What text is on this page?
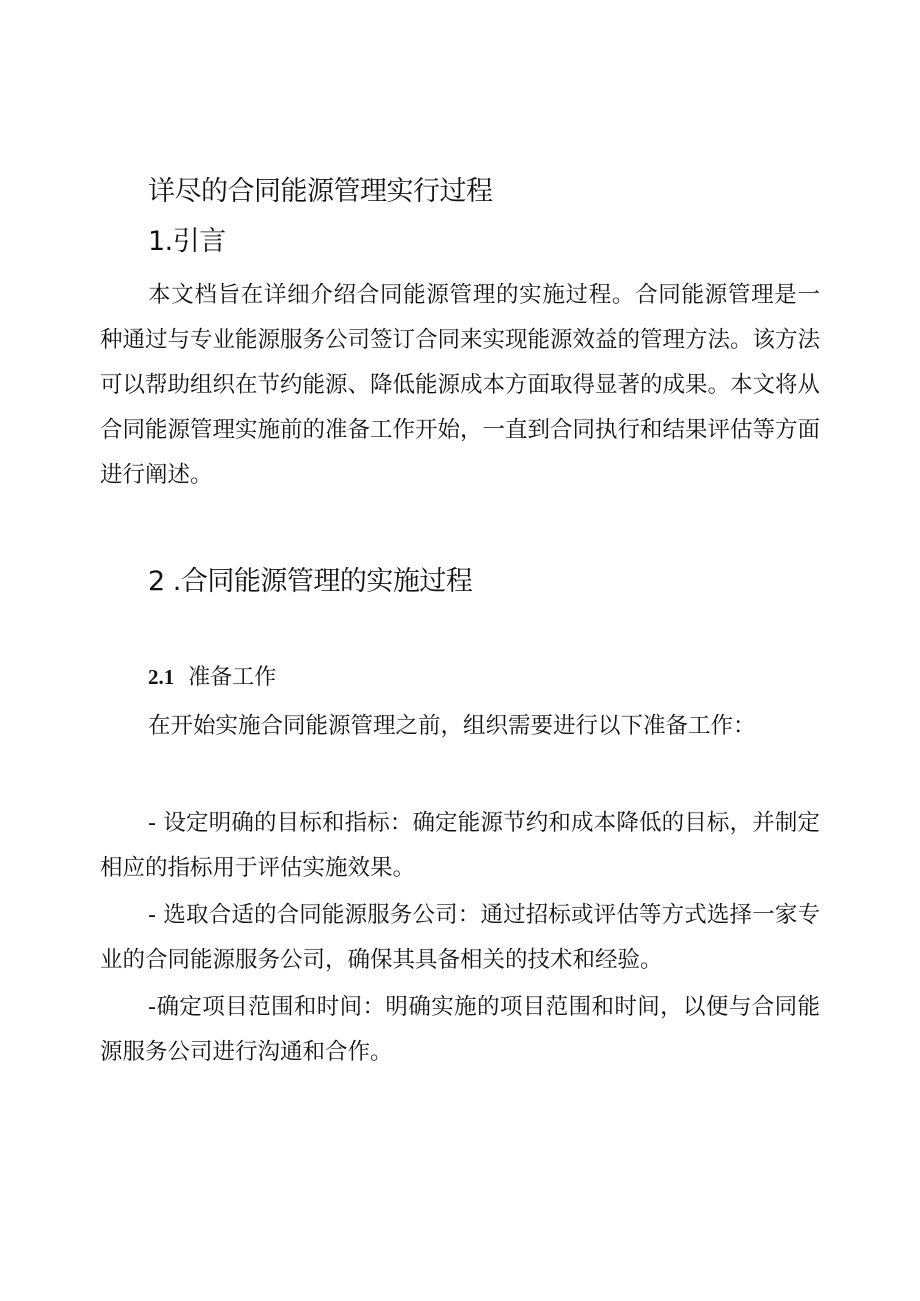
详尽的合同能源管理实行过程
1.引言

本文档旨在详细介绍合同能源管理的实施过程。合同能源管理是一种通过与专业能源服务公司签订合同来实现能源效益的管理方法。该方法可以帮助组织在节约能源、降低能源成本方面取得显著的成果。本文将从合同能源管理实施前的准备工作开始，一直到合同执行和结果评估等方面进行阐述。

2 .合同能源管理的实施过程
2.1 准备工作

在开始实施合同能源管理之前，组织需要进行以下准备工作：

- 设定明确的目标和指标：确定能源节约和成本降低的目标，并制定相应的指标用于评估实施效果。

- 选取合适的合同能源服务公司：通过招标或评估等方式选择一家专业的合同能源服务公司，确保其具备相关的技术和经验。

-确定项目范围和时间：明确实施的项目范围和时间，以便与合同能源服务公司进行沟通和合作。
